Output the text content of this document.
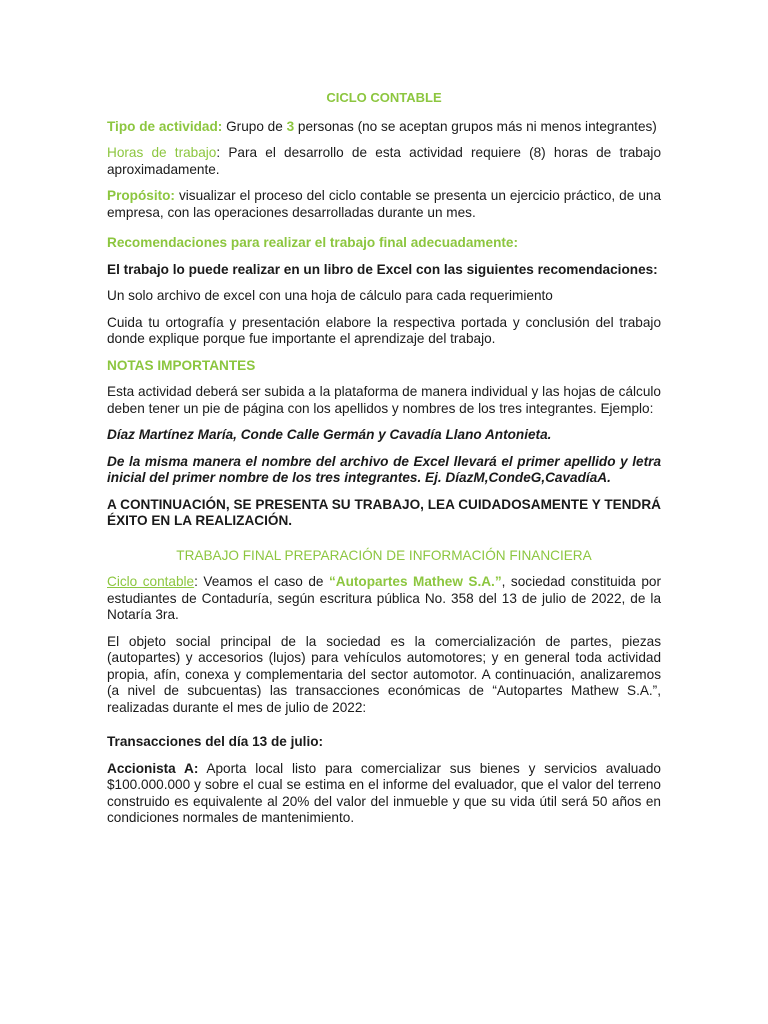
CICLO CONTABLE

Tipo de actividad: Grupo de 3 personas (no se aceptan grupos más ni menos integrantes)

Horas de trabajo: Para el desarrollo de esta actividad requiere (8) horas de trabajo aproximadamente.

Propósito: visualizar el proceso del ciclo contable se presenta un ejercicio práctico, de una empresa, con las operaciones desarrolladas durante un mes.

Recomendaciones para realizar el trabajo final adecuadamente:

El trabajo lo puede realizar en un libro de Excel con las siguientes recomendaciones:

Un solo archivo de excel con una hoja de cálculo para cada requerimiento

Cuida tu ortografía y presentación elabore la respectiva portada y conclusión del trabajo donde explique porque fue importante el aprendizaje del trabajo.

NOTAS IMPORTANTES

Esta actividad deberá ser subida a la plataforma de manera individual y las hojas de cálculo deben tener un pie de página con los apellidos y nombres de los tres integrantes. Ejemplo:

Díaz Martínez María, Conde Calle Germán y Cavadía Llano Antonieta.

De la misma manera el nombre del archivo de Excel llevará el primer apellido y letra inicial del primer nombre de los tres integrantes. Ej. DíazM,CondeG,CavadíaA.

A CONTINUACIÓN, SE PRESENTA SU TRABAJO, LEA CUIDADOSAMENTE Y TENDRÁ ÉXITO EN LA REALIZACIÓN.

TRABAJO FINAL PREPARACIÓN DE INFORMACIÓN FINANCIERA

Ciclo contable: Veamos el caso de “Autopartes Mathew S.A.”, sociedad constituida por estudiantes de Contaduría, según escritura pública No. 358 del 13 de julio de 2022, de la Notaría 3ra.

El objeto social principal de la sociedad es la comercialización de partes, piezas (autopartes) y accesorios (lujos) para vehículos automotores; y en general toda actividad propia, afín, conexa y complementaria del sector automotor. A continuación, analizaremos (a nivel de subcuentas) las transacciones económicas de “Autopartes Mathew S.A.”, realizadas durante el mes de julio de 2022:

Transacciones del día 13 de julio:

Accionista A: Aporta local listo para comercializar sus bienes y servicios avaluado $100.000.000 y sobre el cual se estima en el informe del evaluador, que el valor del terreno construido es equivalente al 20% del valor del inmueble y que su vida útil será 50 años en condiciones normales de mantenimiento.
